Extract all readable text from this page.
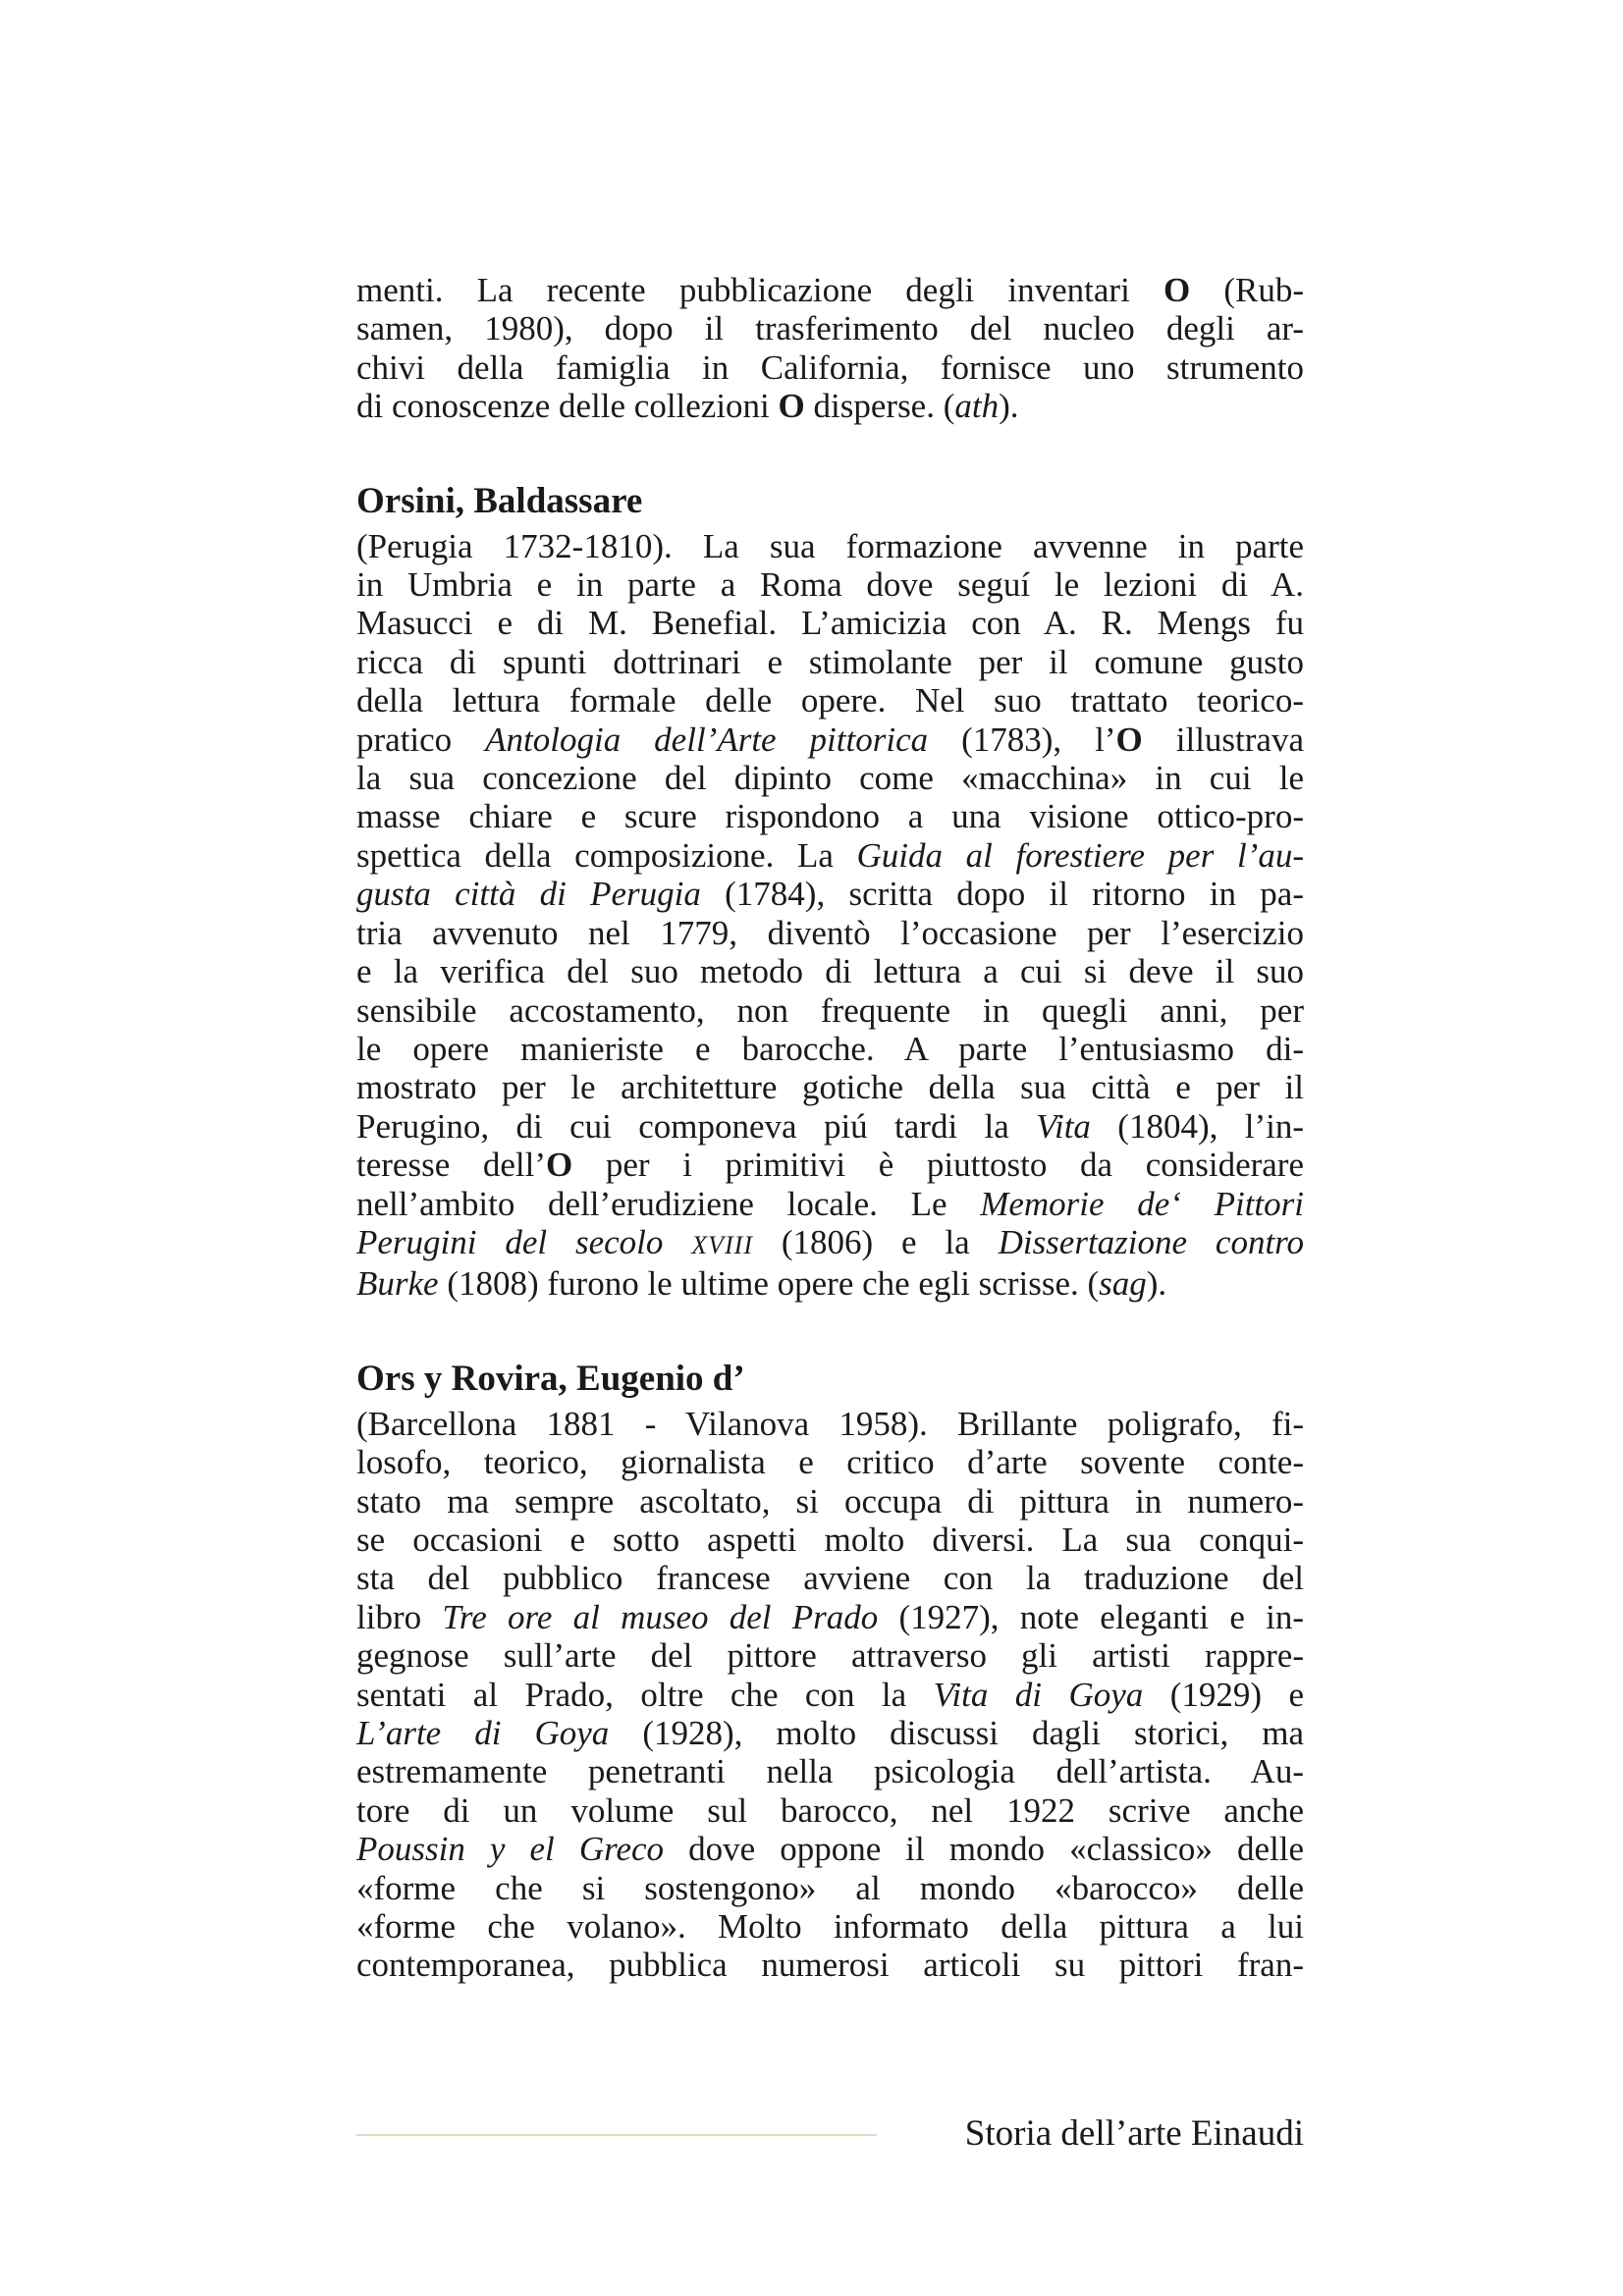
menti. La recente pubblicazione degli inventari O (Rub-
samen, 1980), dopo il trasferimento del nucleo degli ar-
chivi della famiglia in California, fornisce uno strumento
di conoscenze delle collezioni O disperse. (ath).
Orsini, Baldassare
(Perugia 1732-1810). La sua formazione avvenne in parte
in Umbria e in parte a Roma dove seguí le lezioni di A.
Masucci e di M. Benefial. L’amicizia con A. R. Mengs fu
ricca di spunti dottrinari e stimolante per il comune gusto
della lettura formale delle opere. Nel suo trattato teorico-
pratico Antologia dell’Arte pittorica (1783), l’O illustrava
la sua concezione del dipinto come «macchina» in cui le
masse chiare e scure rispondono a una visione ottico-pro-
spettica della composizione. La Guida al forestiere per l’au-
gusta città di Perugia (1784), scritta dopo il ritorno in pa-
tria avvenuto nel 1779, diventò l’occasione per l’esercizio
e la verifica del suo metodo di lettura a cui si deve il suo
sensibile accostamento, non frequente in quegli anni, per
le opere manieriste e barocche. A parte l’entusiasmo di-
mostrato per le architetture gotiche della sua città e per il
Perugino, di cui componeva piú tardi la Vita (1804), l’in-
teresse dell’O per i primitivi è piuttosto da considerare
nell’ambito dell’erudiziene locale. Le Memorie de‘ Pittori
Perugini del secolo XVIII (1806) e la Dissertazione contro
Burke (1808) furono le ultime opere che egli scrisse. (sag).
Ors y Rovira, Eugenio d’
(Barcellona 1881 - Vilanova 1958). Brillante poligrafo, fi-
losofo, teorico, giornalista e critico d’arte sovente conte-
stato ma sempre ascoltato, si occupa di pittura in numero-
se occasioni e sotto aspetti molto diversi. La sua conqui-
sta del pubblico francese avviene con la traduzione del
libro Tre ore al museo del Prado (1927), note eleganti e in-
gegnose sull’arte del pittore attraverso gli artisti rappre-
sentati al Prado, oltre che con la Vita di Goya (1929) e
L’arte di Goya (1928), molto discussi dagli storici, ma
estremamente penetranti nella psicologia dell’artista. Au-
tore di un volume sul barocco, nel 1922 scrive anche
Poussin y el Greco dove oppone il mondo «classico» delle
«forme che si sostengono» al mondo «barocco» delle
«forme che volano». Molto informato della pittura a lui
contemporanea, pubblica numerosi articoli su pittori fran-
Storia dell’arte Einaudi
